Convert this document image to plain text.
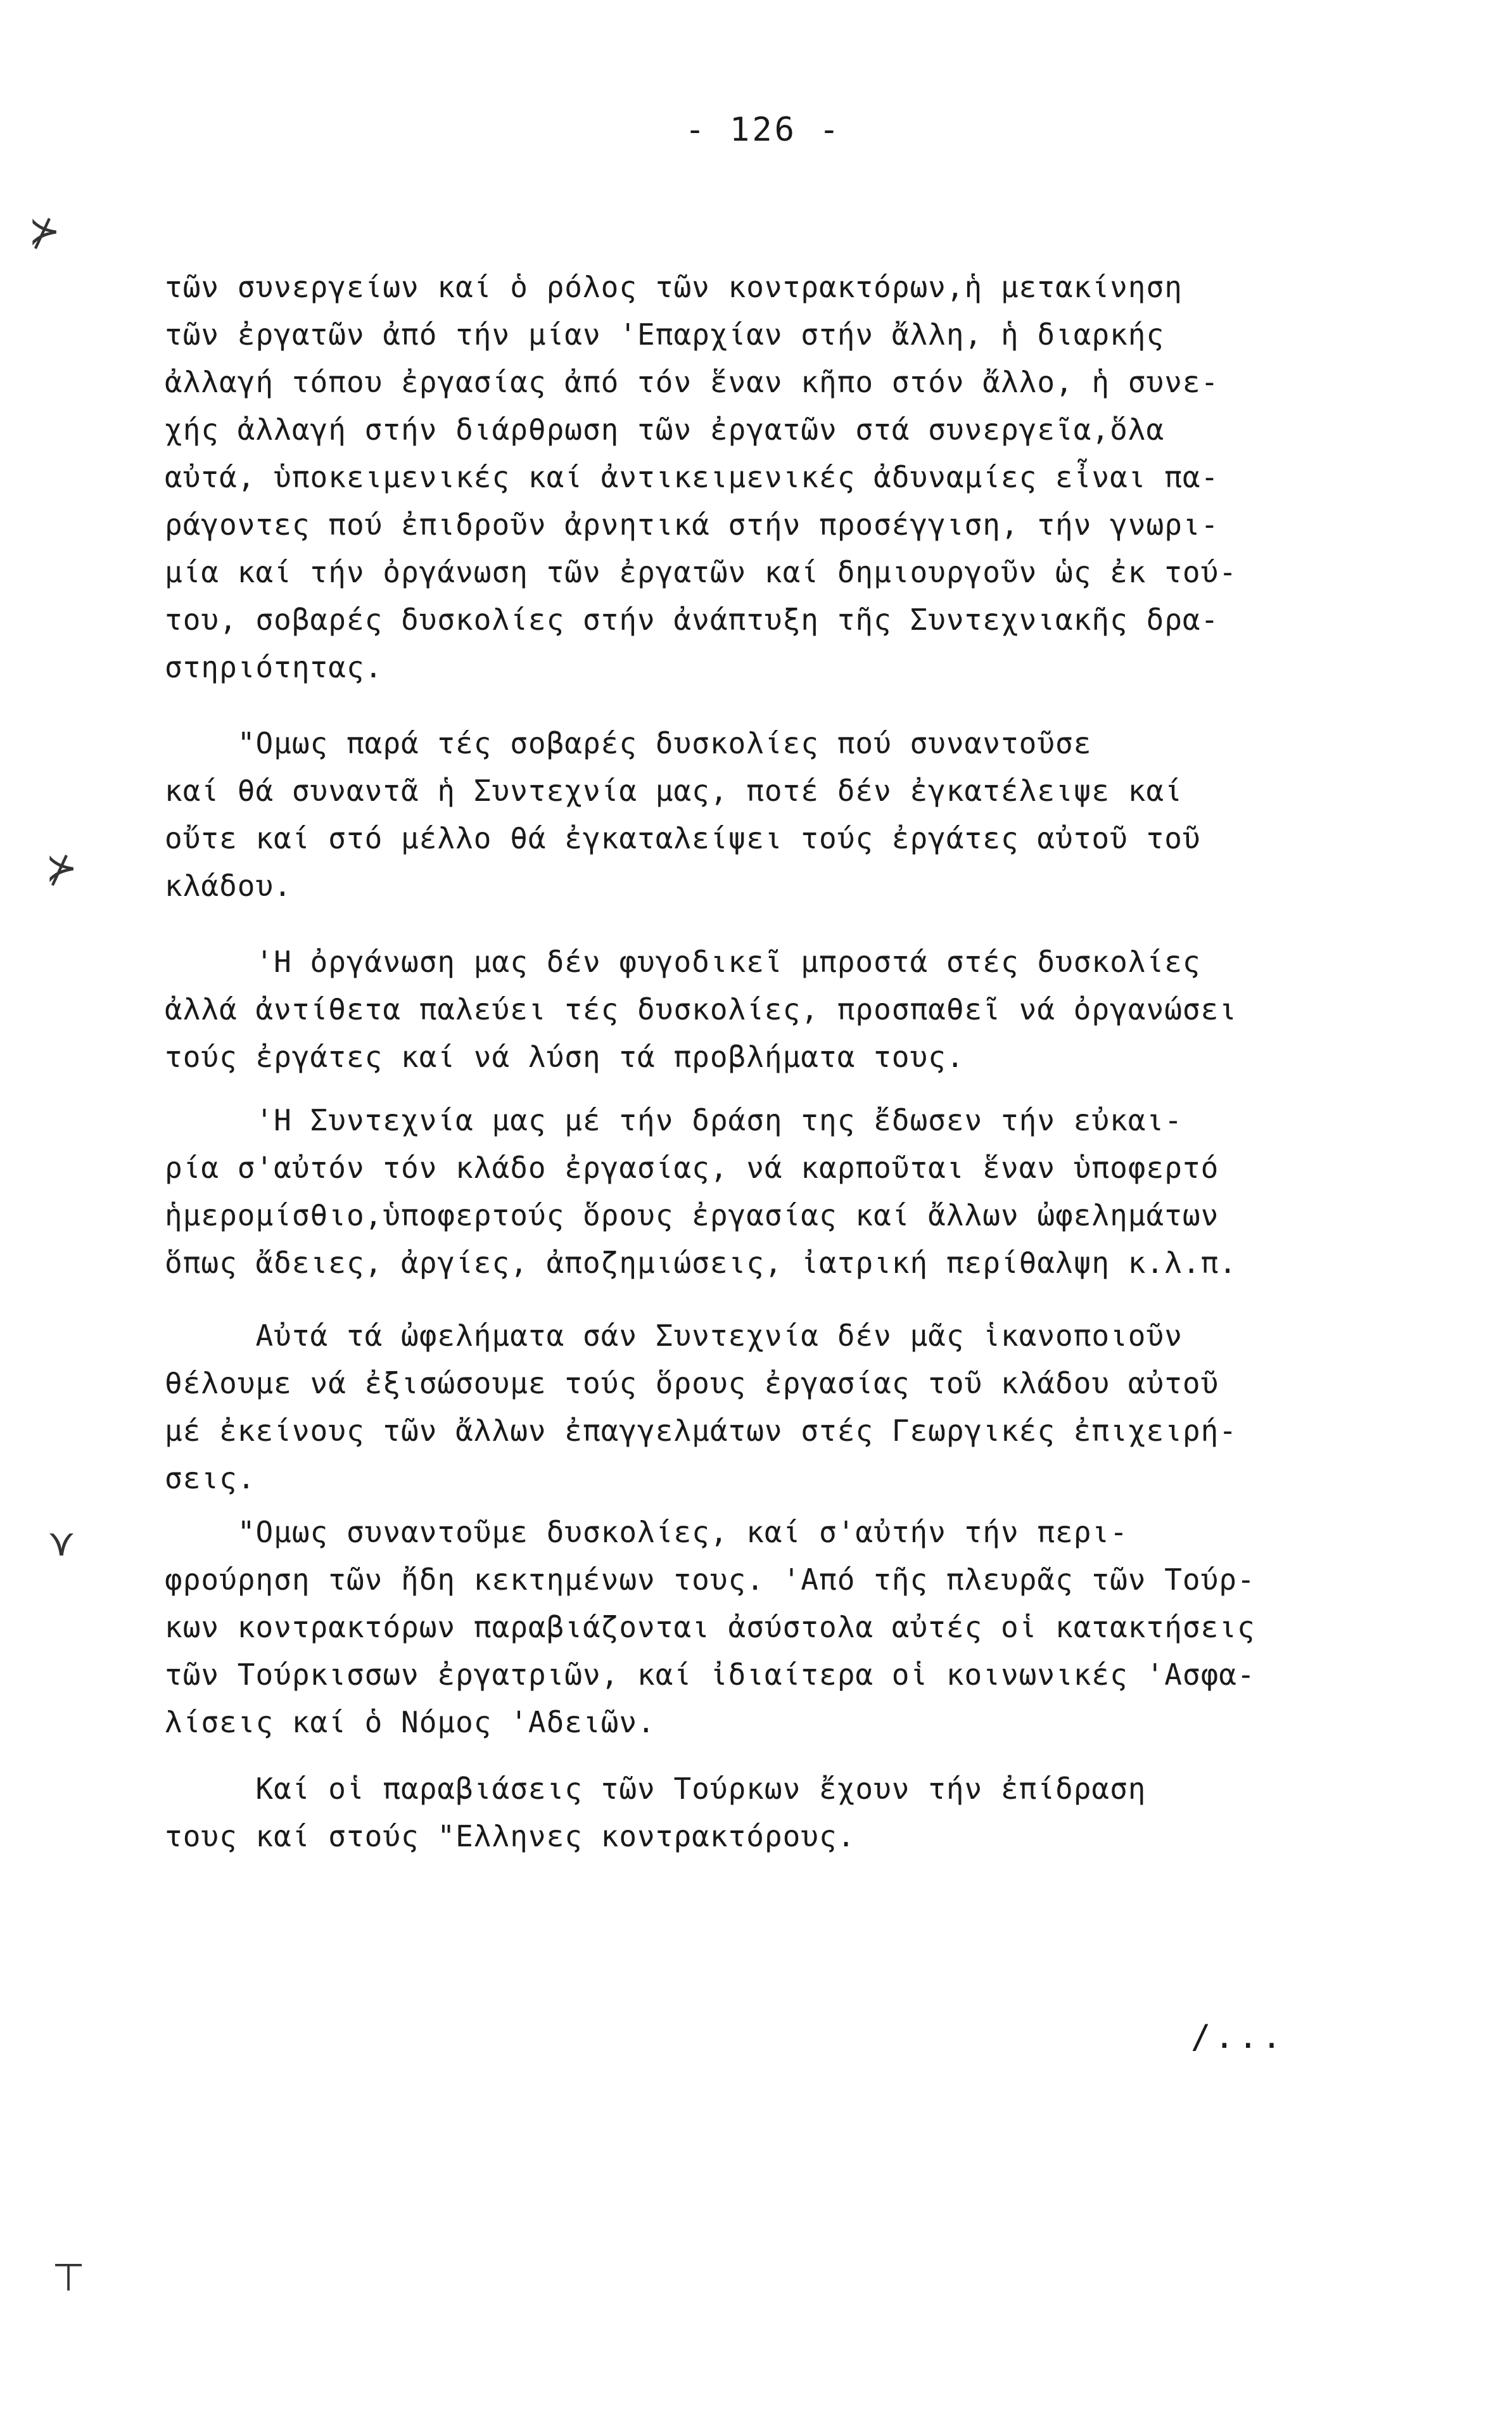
- 126 -
⊁
⊁
⋎
⊤
τῶν συνεργείων καί ὁ ρόλος τῶν κοντρακτόρων,ἡ μετακίνηση
τῶν ἐργατῶν ἀπό τήν μίαν 'Επαρχίαν στήν ἄλλη, ἡ διαρκής
ἀλλαγή τόπου ἐργασίας ἀπό τόν ἕναν κῆπο στόν ἄλλο, ἡ συνε-
χής ἀλλαγή στήν διάρθρωση τῶν ἐργατῶν στά συνεργεῖα,ὅλα
αὐτά, ὑποκειμενικές καί ἀντικειμενικές ἀδυναμίες εἶναι πα-
ράγοντες πού ἐπιδροῦν ἀρνητικά στήν προσέγγιση, τήν γνωρι-
μία καί τήν ὀργάνωση τῶν ἐργατῶν καί δημιουργοῦν ὡς ἐκ τού-
του, σοβαρές δυσκολίες στήν ἀνάπτυξη τῆς Συντεχνιακῆς δρα-
στηριότητας.
"Ομως παρά τές σοβαρές δυσκολίες πού συναντοῦσε
καί θά συναντᾶ ἡ Συντεχνία μας, ποτέ δέν ἐγκατέλειψε καί
οὔτε καί στό μέλλο θά ἐγκαταλείψει τούς ἐργάτες αὐτοῦ τοῦ
κλάδου.
'Η ὀργάνωση μας δέν φυγοδικεῖ μπροστά στές δυσκολίες
ἀλλά ἀντίθετα παλεύει τές δυσκολίες, προσπαθεῖ νά ὀργανώσει
τούς ἐργάτες καί νά λύση τά προβλήματα τους.
'Η Συντεχνία μας μέ τήν δράση της ἔδωσεν τήν εὐκαι-
ρία σ'αὐτόν τόν κλάδο ἐργασίας, νά καρποῦται ἕναν ὑποφερτό
ἡμερομίσθιο,ὑποφερτούς ὅρους ἐργασίας καί ἄλλων ὠφελημάτων
ὅπως ἄδειες, ἀργίες, ἀποζημιώσεις, ἰατρική περίθαλψη κ.λ.π.
Αὐτά τά ὠφελήματα σάν Συντεχνία δέν μᾶς ἱκανοποιοῦν
θέλουμε νά ἐξισώσουμε τούς ὅρους ἐργασίας τοῦ κλάδου αὐτοῦ
μέ ἐκείνους τῶν ἄλλων ἐπαγγελμάτων στές Γεωργικές ἐπιχειρή-
σεις.
"Ομως συναντοῦμε δυσκολίες, καί σ'αὐτήν τήν περι-
φρούρηση τῶν ἤδη κεκτημένων τους. 'Από τῆς πλευρᾶς τῶν Τούρ-
κων κοντρακτόρων παραβιάζονται ἀσύστολα αὐτές οἱ κατακτήσεις
τῶν Τούρκισσων ἐργατριῶν, καί ἰδιαίτερα οἱ κοινωνικές 'Ασφα-
λίσεις καί ὁ Νόμος 'Αδειῶν.
Καί οἱ παραβιάσεις τῶν Τούρκων ἔχουν τήν ἐπίδραση
τους καί στούς "Ελληνες κοντρακτόρους.
/...
